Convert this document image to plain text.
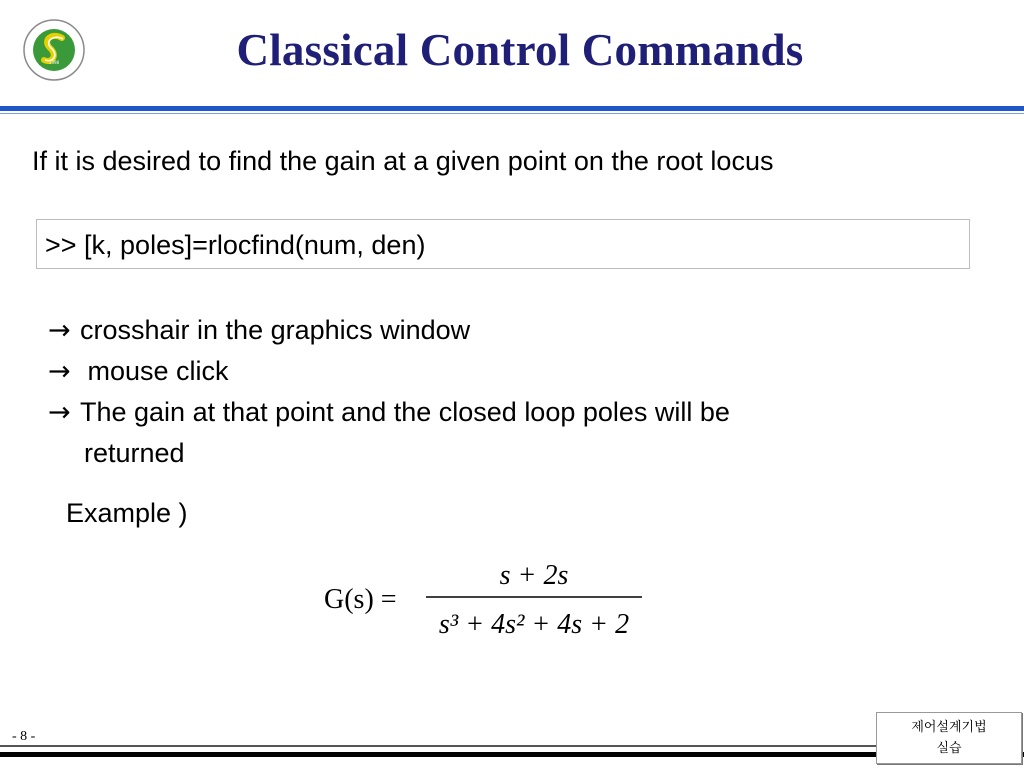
1398	Classical Control Commands
If it is desired to find the gain at a given point on the root locus
>> [k, poles]=rlocfind(num, den)
→ crosshair in the graphics window
→ mouse click
→ The gain at that point and the closed loop poles will be
returned
Example )
G(s) =
s + 2s
s³ + 4s² + 4s + 2
- 8 -
제어설계기법
실습
